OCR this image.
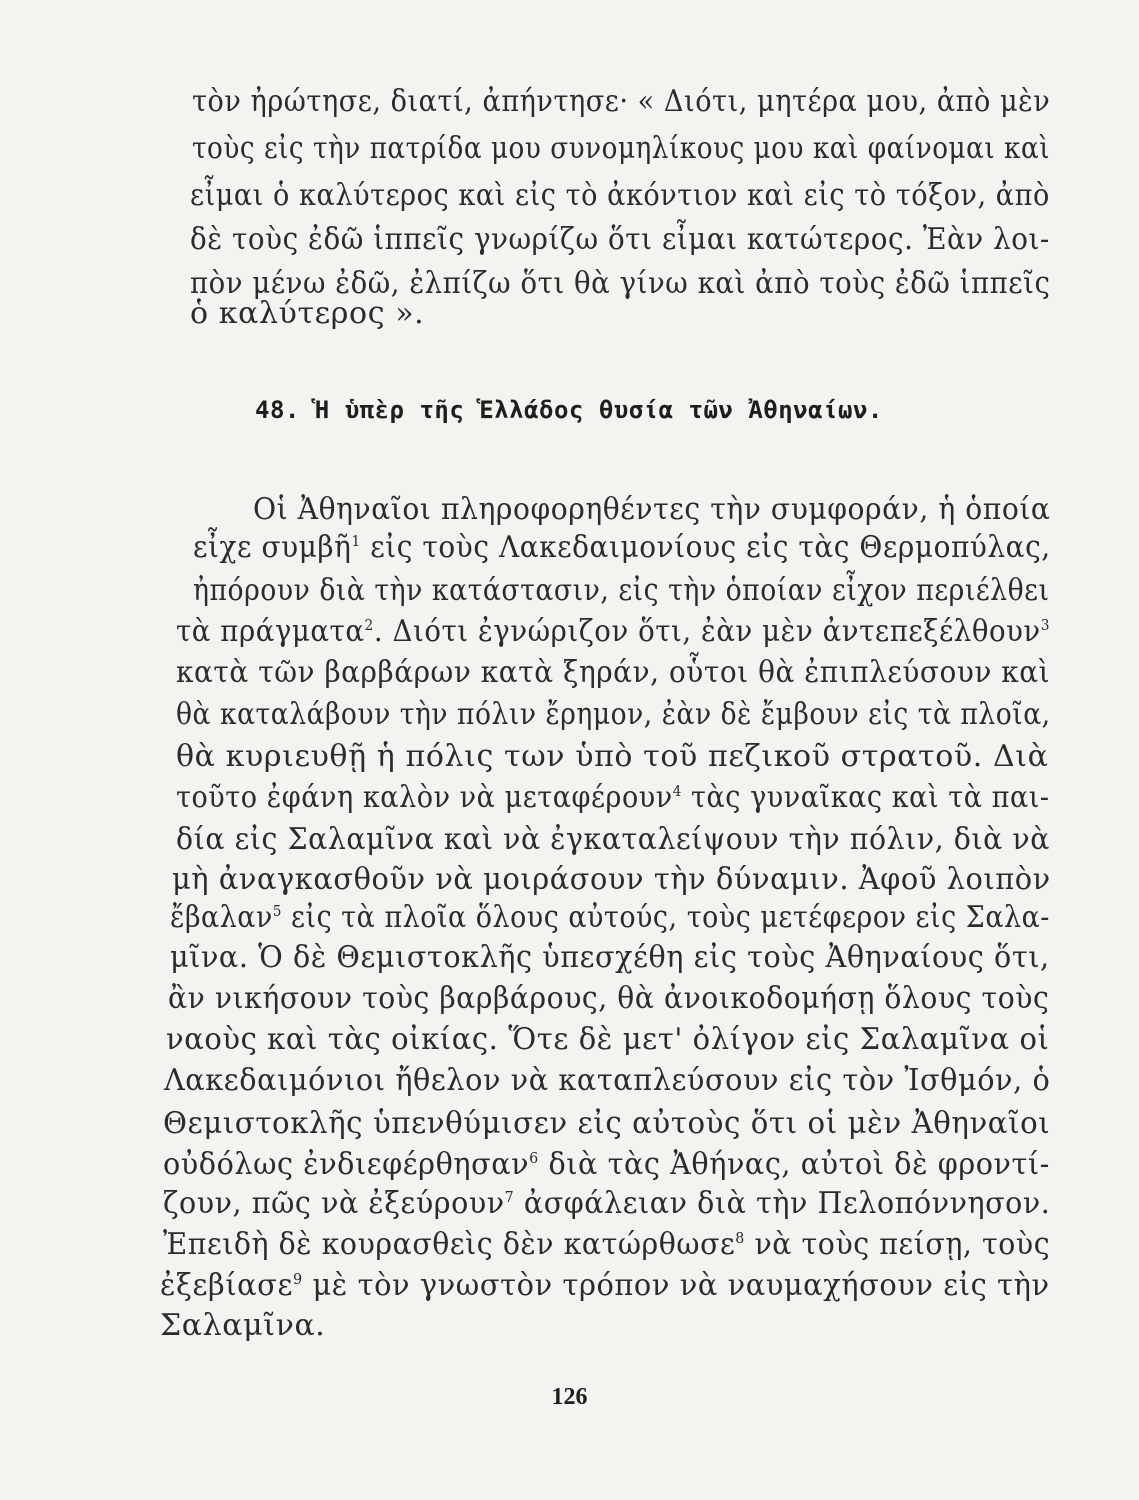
τὸν ἠρώτησε, διατί, ἀπήντησε· « Διότι, μητέρα μου, ἀπὸ μὲν
τοὺς εἰς τὴν πατρίδα μου συνομηλίκους μου καὶ φαίνομαι καὶ
εἶμαι ὁ καλύτερος καὶ εἰς τὸ ἀκόντιον καὶ εἰς τὸ τόξον, ἀπὸ
δὲ τοὺς ἐδῶ ἱππεῖς γνωρίζω ὅτι εἶμαι κατώτερος. Ἐὰν λοι-
πὸν μένω ἐδῶ, ἐλπίζω ὅτι θὰ γίνω καὶ ἀπὸ τοὺς ἐδῶ ἱππεῖς
ὁ καλύτερος ».
48. Ἡ ὑπὲρ τῆς Ἑλλάδος θυσία τῶν Ἀθηναίων.
Οἱ Ἀθηναῖοι πληροφορηθέντες τὴν συμφοράν, ἡ ὁποία
εἶχε συμβῆ$^1$ εἰς τοὺς Λακεδαιμονίους εἰς τὰς Θερμοπύλας,
ἠπόρουν διὰ τὴν κατάστασιν, εἰς τὴν ὁποίαν εἶχον περιέλθει
τὰ πράγματα$^2$. Διότι ἐγνώριζον ὅτι, ἐὰν μὲν ἀντεπεξέλθουν$^3$
κατὰ τῶν βαρβάρων κατὰ ξηράν, οὗτοι θὰ ἐπιπλεύσουν καὶ
θὰ καταλάβουν τὴν πόλιν ἔρημον, ἐὰν δὲ ἔμβουν εἰς τὰ πλοῖα,
θὰ κυριευθῇ ἡ πόλις των ὑπὸ τοῦ πεζικοῦ στρατοῦ. Διὰ
τοῦτο ἐφάνη καλὸν νὰ μεταφέρουν$^4$ τὰς γυναῖκας καὶ τὰ παι-
δία εἰς Σαλαμῖνα καὶ νὰ ἐγκαταλείψουν τὴν πόλιν, διὰ νὰ
μὴ ἀναγκασθοῦν νὰ μοιράσουν τὴν δύναμιν. Ἀφοῦ λοιπὸν
ἔβαλαν$^5$ εἰς τὰ πλοῖα ὅλους αὐτούς, τοὺς μετέφερον εἰς Σαλα-
μῖνα. Ὁ δὲ Θεμιστοκλῆς ὑπεσχέθη εἰς τοὺς Ἀθηναίους ὅτι,
ἂν νικήσουν τοὺς βαρβάρους, θὰ ἀνοικοδομήσῃ ὅλους τοὺς
ναοὺς καὶ τὰς οἰκίας. Ὅτε δὲ μετ' ὀλίγον εἰς Σαλαμῖνα οἱ
Λακεδαιμόνιοι ἤθελον νὰ καταπλεύσουν εἰς τὸν Ἰσθμόν, ὁ
Θεμιστοκλῆς ὑπενθύμισεν εἰς αὐτοὺς ὅτι οἱ μὲν Ἀθηναῖοι
οὐδόλως ἐνδιεφέρθησαν$^6$ διὰ τὰς Ἀθήνας, αὐτοὶ δὲ φροντί-
ζουν, πῶς νὰ ἐξεύρουν$^7$ ἀσφάλειαν διὰ τὴν Πελοπόννησον.
Ἐπειδὴ δὲ κουρασθεὶς δὲν κατώρθωσε$^8$ νὰ τοὺς πείσῃ, τοὺς
ἐξεβίασε$^9$ μὲ τὸν γνωστὸν τρόπον νὰ ναυμαχήσουν εἰς τὴν
Σαλαμῖνα.
126
